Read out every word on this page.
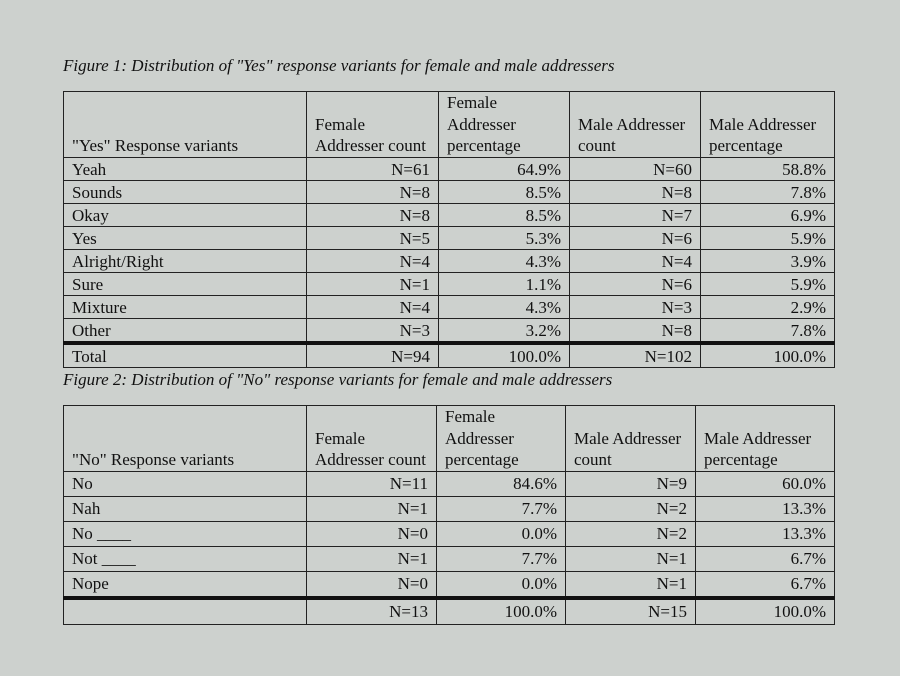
Figure 1: Distribution of "Yes" response variants for female and male addressers
"Yes" Response variants	Female Addresser count	Female Addresser percentage	Male Addresser count	Male Addresser percentage
Yeah	N=61	64.9%	N=60	58.8%
Sounds	N=8	8.5%	N=8	7.8%
Okay	N=8	8.5%	N=7	6.9%
Yes	N=5	5.3%	N=6	5.9%
Alright/Right	N=4	4.3%	N=4	3.9%
Sure	N=1	1.1%	N=6	5.9%
Mixture	N=4	4.3%	N=3	2.9%
Other	N=3	3.2%	N=8	7.8%
Total	N=94	100.0%	N=102	100.0%
Figure 2: Distribution of "No" response variants for female and male addressers
"No" Response variants	Female Addresser count	Female Addresser percentage	Male Addresser count	Male Addresser percentage
No	N=11	84.6%	N=9	60.0%
Nah	N=1	7.7%	N=2	13.3%
No ____	N=0	0.0%	N=2	13.3%
Not ____	N=1	7.7%	N=1	6.7%
Nope	N=0	0.0%	N=1	6.7%
	N=13	100.0%	N=15	100.0%
